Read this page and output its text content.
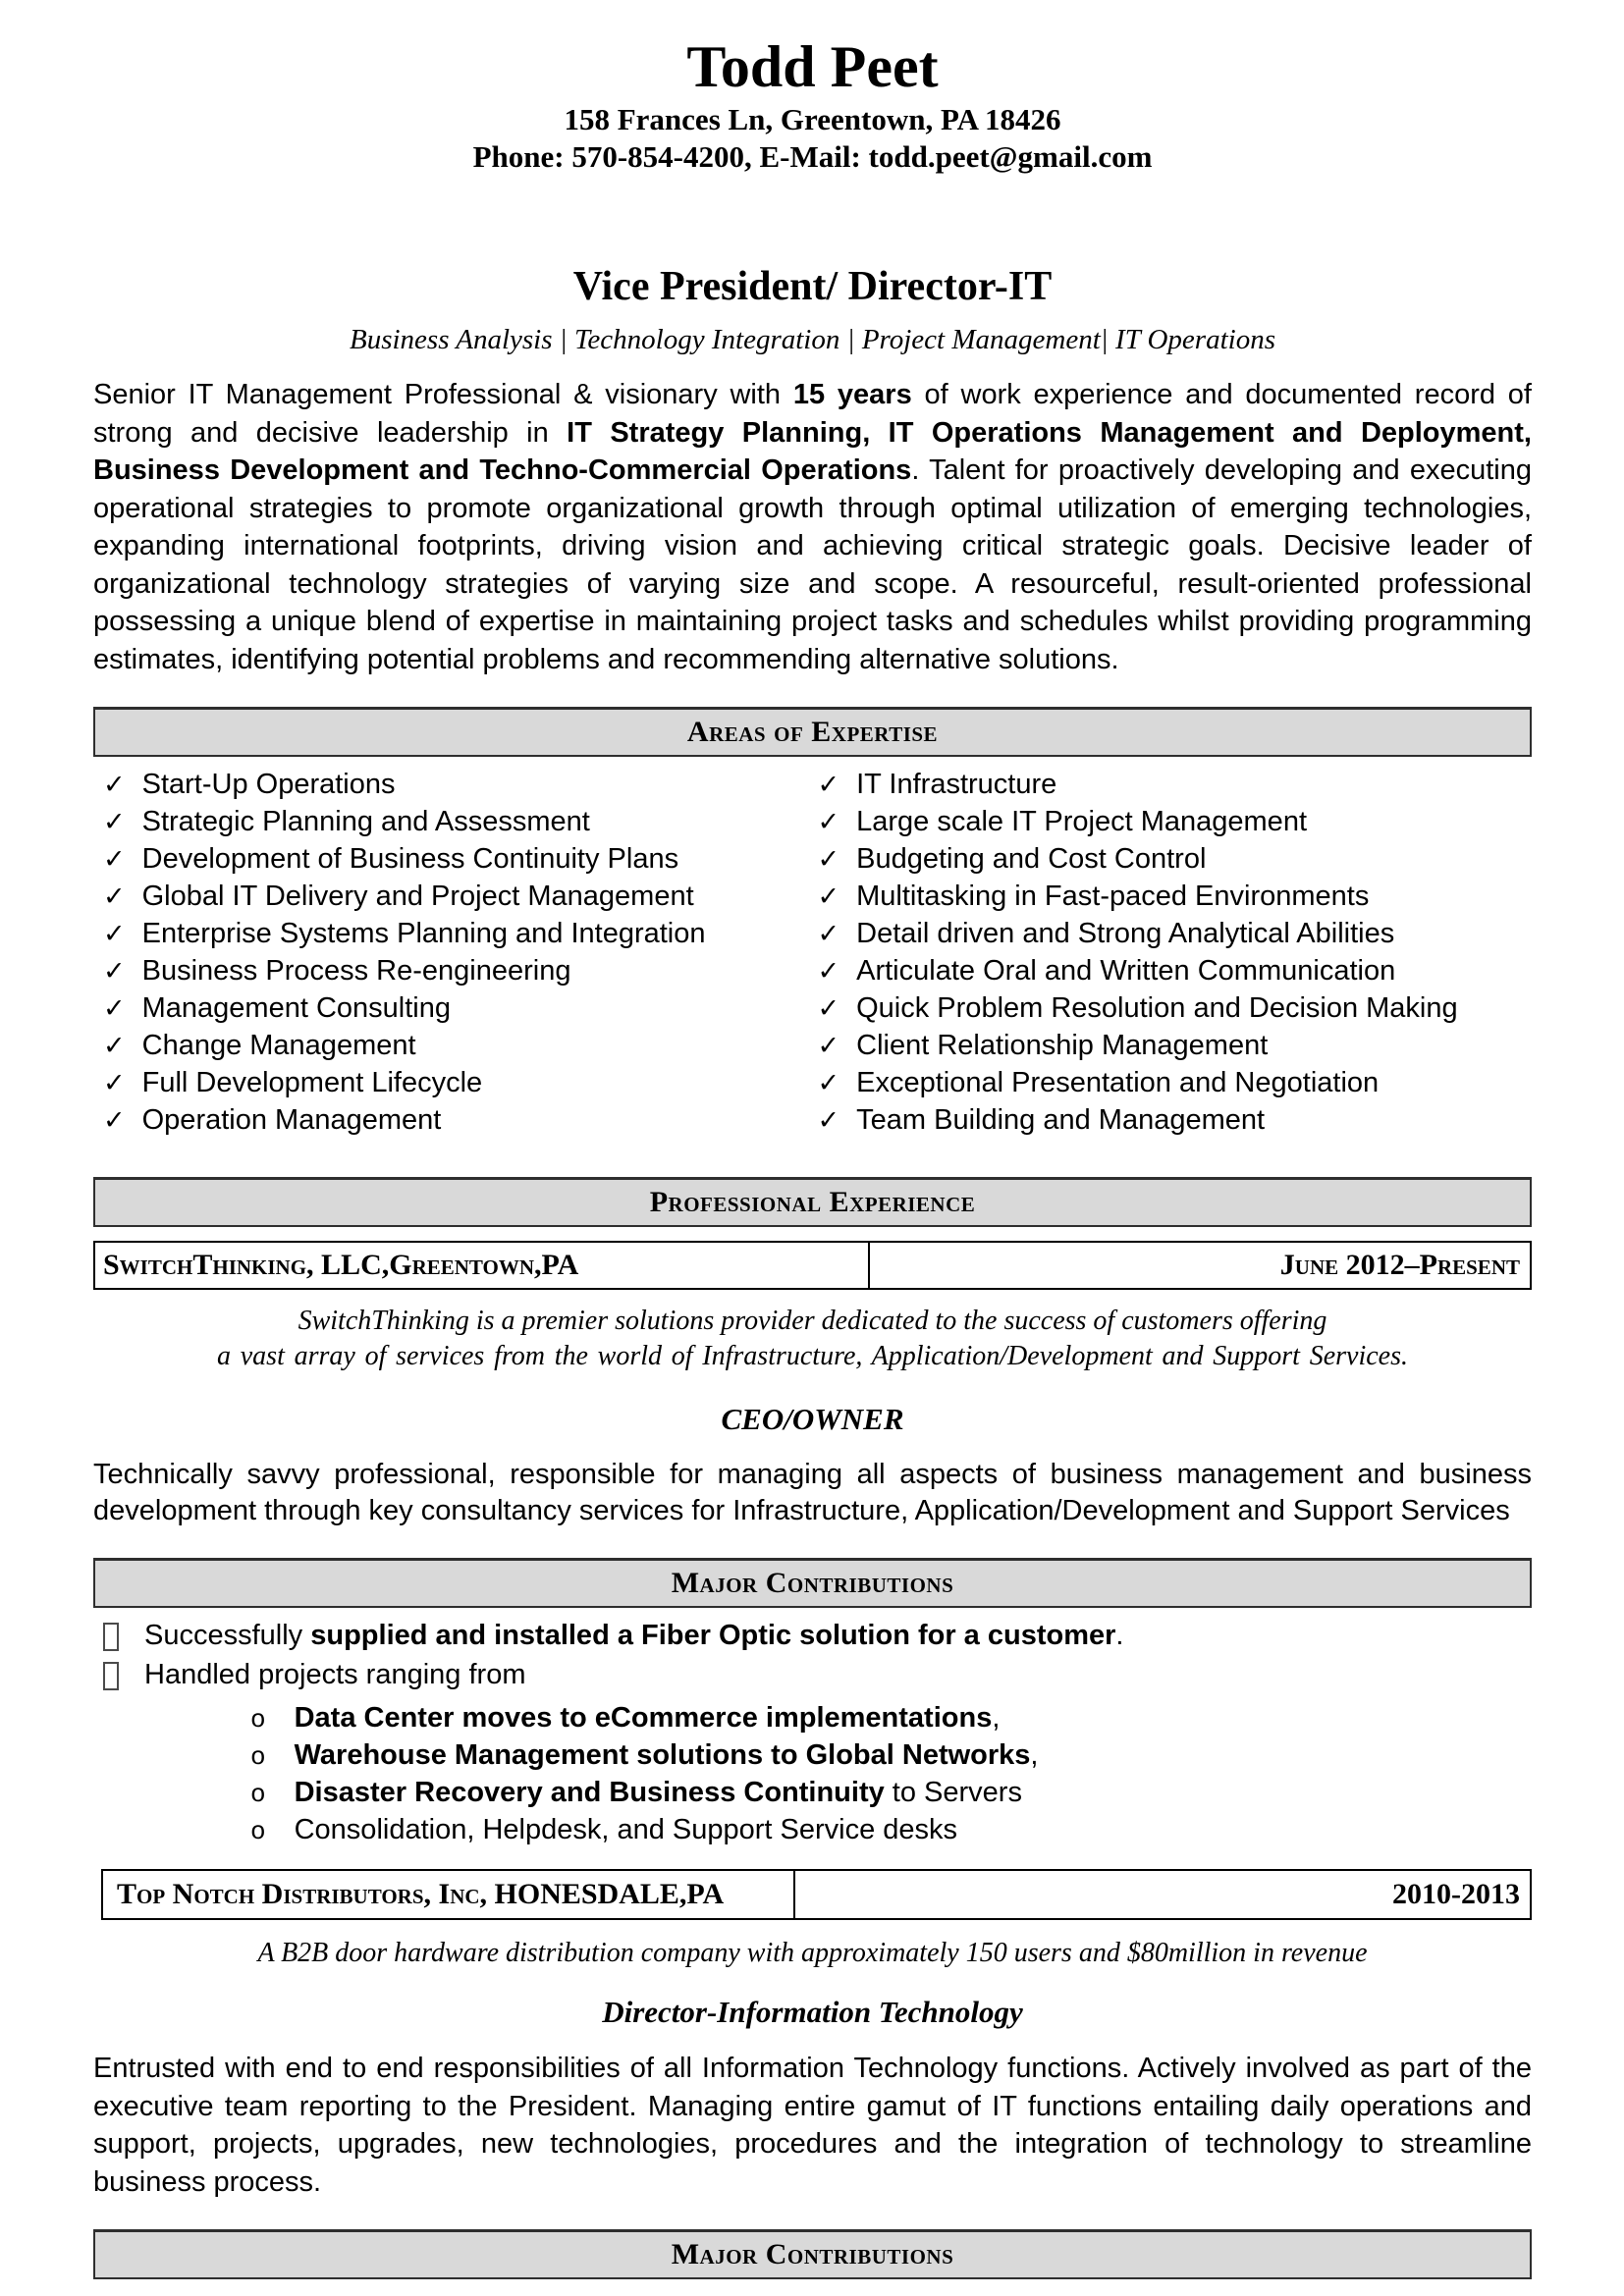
Todd Peet
158 Frances Ln, Greentown, PA 18426
Phone: 570-854-4200, E-Mail: todd.peet@gmail.com
Vice President/ Director-IT
Business Analysis | Technology Integration | Project Management| IT Operations

Senior IT Management Professional & visionary with 15 years of work experience and documented record of strong and decisive leadership in IT Strategy Planning, IT Operations Management and Deployment, Business Development and Techno-Commercial Operations. Talent for proactively developing and executing operational strategies to promote organizational growth through optimal utilization of emerging technologies, expanding international footprints, driving vision and achieving critical strategic goals. Decisive leader of organizational technology strategies of varying size and scope. A resourceful, result-oriented professional possessing a unique blend of expertise in maintaining project tasks and schedules whilst providing programming estimates, identifying potential problems and recommending alternative solutions.

Areas of Expertise
✓ Start-Up Operations
✓ Strategic Planning and Assessment
✓ Development of Business Continuity Plans
✓ Global IT Delivery and Project Management
✓ Enterprise Systems Planning and Integration
✓ Business Process Re-engineering
✓ Management Consulting
✓ Change Management
✓ Full Development Lifecycle
✓ Operation Management
✓ IT Infrastructure
✓ Large scale IT Project Management
✓ Budgeting and Cost Control
✓ Multitasking in Fast-paced Environments
✓ Detail driven and Strong Analytical Abilities
✓ Articulate Oral and Written Communication
✓ Quick Problem Resolution and Decision Making
✓ Client Relationship Management
✓ Exceptional Presentation and Negotiation
✓ Team Building and Management
Professional Experience
SwitchThinking, LLC,Greentown,PA	June 2012–Present
SwitchThinking is a premier solutions provider dedicated to the success of customers offering
a vast array of services from the world of Infrastructure, Application/Development and Support Services.
CEO/OWNER

Technically savvy professional, responsible for managing all aspects of business management and business development through key consultancy services for Infrastructure, Application/Development and Support Services

Major Contributions
Successfully supplied and installed a Fiber Optic solution for a customer.
Handled projects ranging from
o Data Center moves to eCommerce implementations,
o Warehouse Management solutions to Global Networks,
o Disaster Recovery and Business Continuity to Servers
o Consolidation, Helpdesk, and Support Service desks
Top Notch Distributors, Inc, HONESDALE,PA	2010-2013
A B2B door hardware distribution company with approximately 150 users and $80million in revenue
Director-Information Technology

Entrusted with end to end responsibilities of all Information Technology functions. Actively involved as part of the executive team reporting to the President. Managing entire gamut of IT functions entailing daily operations and support, projects, upgrades, new technologies, procedures and the integration of technology to streamline business process.

Major Contributions
